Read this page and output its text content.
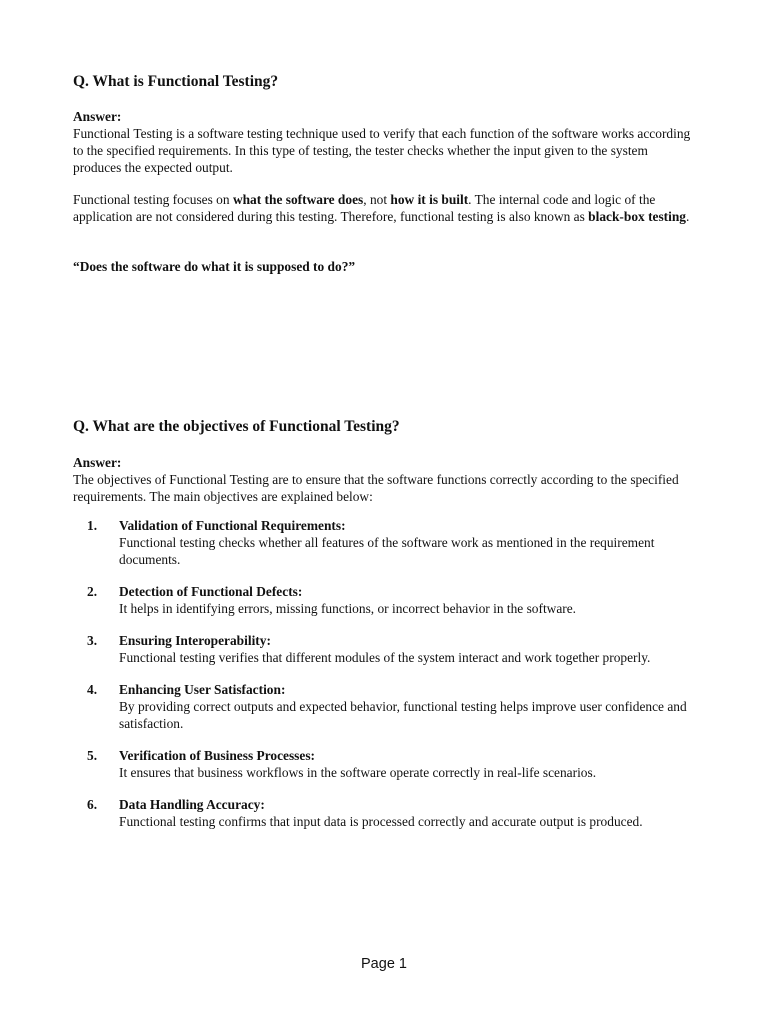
Q. What is Functional Testing?
Answer:

Functional Testing is a software testing technique used to verify that each function of the software works according to the specified requirements. In this type of testing, the tester checks whether the input given to the system produces the expected output.

Functional testing focuses on what the software does, not how it is built. The internal code and logic of the application are not considered during this testing. Therefore, functional testing is also known as black-box testing.

“Does the software do what it is supposed to do?”

Q. What are the objectives of Functional Testing?
Answer:

The objectives of Functional Testing are to ensure that the software functions correctly according to the specified requirements. The main objectives are explained below:

1. Validation of Functional Requirements:
Functional testing checks whether all features of the software work as mentioned in the requirement documents.
2. Detection of Functional Defects:
It helps in identifying errors, missing functions, or incorrect behavior in the software.
3. Ensuring Interoperability:
Functional testing verifies that different modules of the system interact and work together properly.
4. Enhancing User Satisfaction:
By providing correct outputs and expected behavior, functional testing helps improve user confidence and satisfaction.
5. Verification of Business Processes:
It ensures that business workflows in the software operate correctly in real-life scenarios.
6. Data Handling Accuracy:
Functional testing confirms that input data is processed correctly and accurate output is produced.
Page 1
